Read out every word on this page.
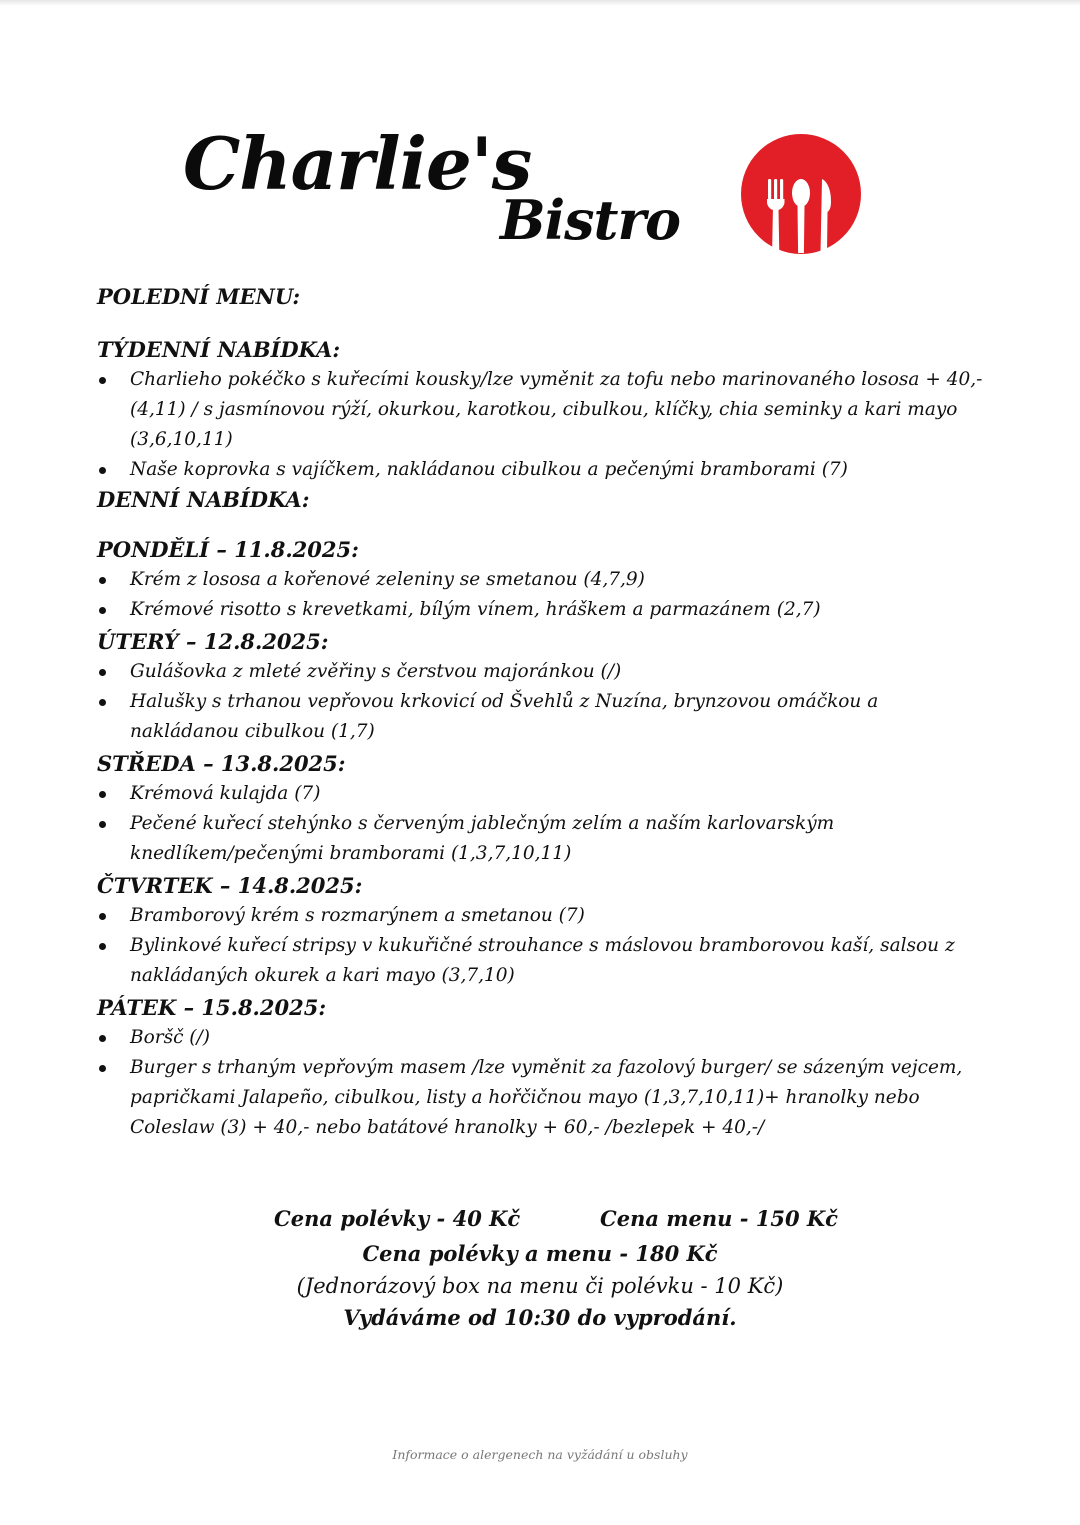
Charlie's
Bistro
POLEDNÍ MENU:
TÝDENNÍ NABÍDKA:
Charlieho pokéčko s kuřecími kousky/lze vyměnit za tofu nebo marinovaného lososa + 40,- (4,11) / s jasmínovou rýží, okurkou, karotkou, cibulkou, klíčky, chia seminky a kari mayo (3,6,10,11)
Naše koprovka s vajíčkem, nakládanou cibulkou a pečenými bramborami (7)
DENNÍ NABÍDKA:
PONDĚLÍ – 11.8.2025:
Krém z lososa a kořenové zeleniny se smetanou (4,7,9)
Krémové risotto s krevetkami, bílým vínem, hráškem a parmazánem (2,7)
ÚTERÝ – 12.8.2025:
Gulášovka z mleté zvěřiny s čerstvou majoránkou (/)
Halušky s trhanou vepřovou krkovicí od Švehlů z Nuzína, brynzovou omáčkou a nakládanou cibulkou (1,7)
STŘEDA – 13.8.2025:
Krémová kulajda (7)
Pečené kuřecí stehýnko s červeným jablečným zelím a naším karlovarským knedlíkem/pečenými bramborami (1,3,7,10,11)
ČTVRTEK – 14.8.2025:
Bramborový krém s rozmarýnem a smetanou (7)
Bylinkové kuřecí stripsy v kukuřičné strouhance s máslovou bramborovou kaší, salsou z nakládaných okurek a kari mayo (3,7,10)
PÁTEK – 15.8.2025:
Boršč (/)
Burger s trhaným vepřovým masem /lze vyměnit za fazolový burger/ se sázeným vejcem, papričkami Jalapeño, cibulkou, listy a hořčičnou mayo (1,3,7,10,11)+ hranolky nebo Coleslaw (3) + 40,- nebo batátové hranolky + 60,- /bezlepek + 40,-/
Cena polévky - 40 Kč	Cena menu - 150 Kč
Cena polévky a menu - 180 Kč
(Jednorázový box na menu či polévku - 10 Kč)
Vydáváme od 10:30 do vyprodání.
Informace o alergenech na vyžádání u obsluhy
